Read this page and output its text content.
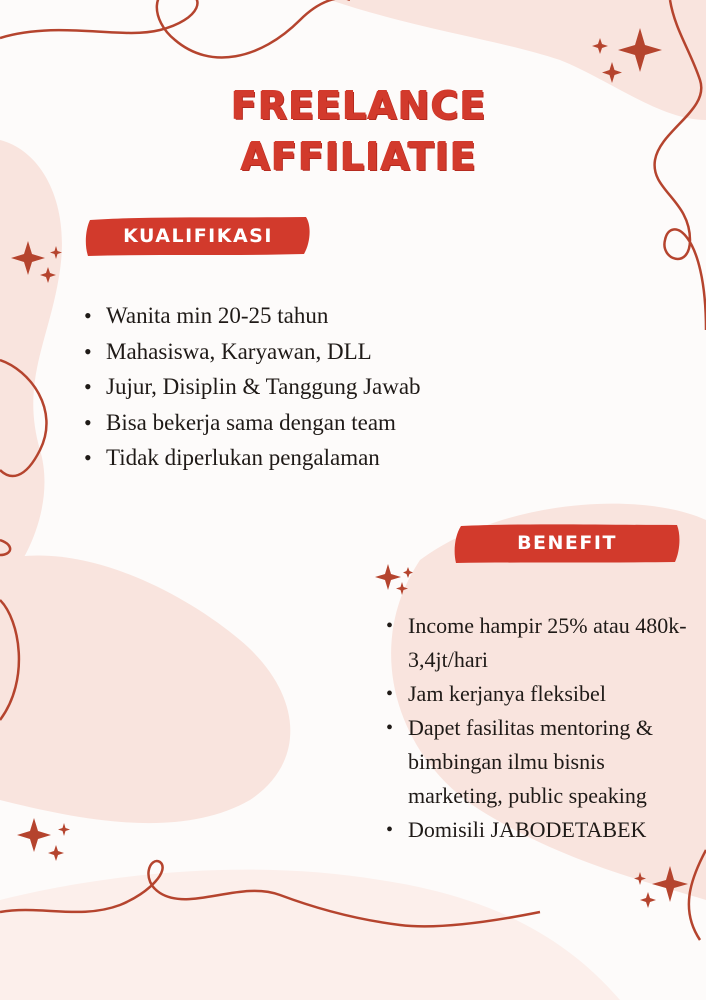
FREELANCE
AFFILIATIE
KUALIFIKASI
• Wanita min 20-25 tahun
• Mahasiswa, Karyawan, DLL
• Jujur, Disiplin & Tanggung Jawab
• Bisa bekerja sama dengan team
• Tidak diperlukan pengalaman
BENEFIT
• Income hampir 25% atau 480k-3,4jt/hari
• Jam kerjanya fleksibel
• Dapet fasilitas mentoring & bimbingan ilmu bisnis marketing, public speaking
• Domisili JABODETABEK
